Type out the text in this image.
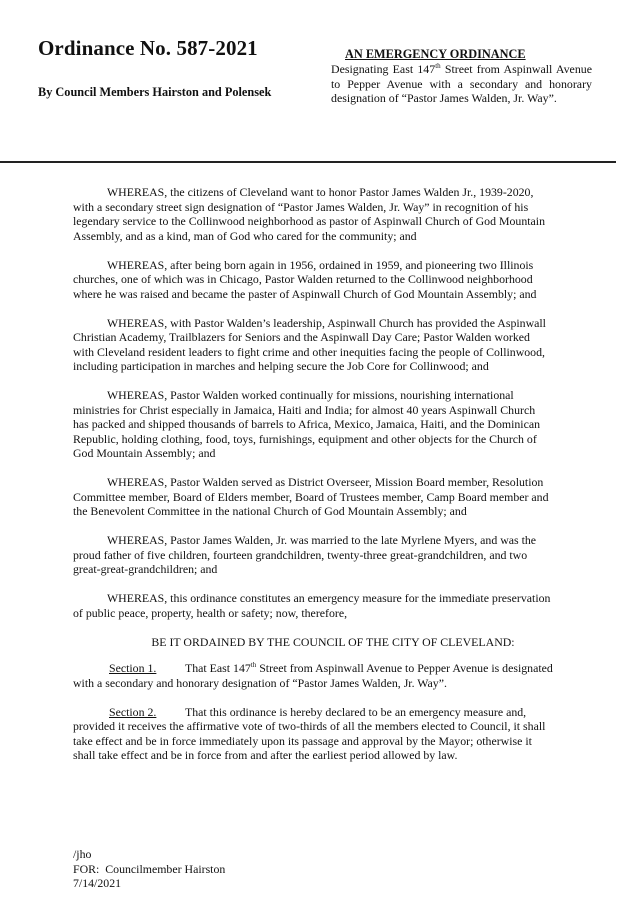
Ordinance No. 587-2021
By Council Members Hairston and Polensek
AN EMERGENCY ORDINANCE
Designating East 147th Street from Aspinwall Avenue to Pepper Avenue with a secondary and honorary designation of “Pastor James Walden, Jr. Way”.

WHEREAS, the citizens of Cleveland want to honor Pastor James Walden Jr., 1939-2020, with a secondary street sign designation of “Pastor James Walden, Jr. Way” in recognition of his legendary service to the Collinwood neighborhood as pastor of Aspinwall Church of God Mountain Assembly, and as a kind, man of God who cared for the community; and

WHEREAS, after being born again in 1956, ordained in 1959, and pioneering two Illinois churches, one of which was in Chicago, Pastor Walden returned to the Collinwood neighborhood where he was raised and became the paster of Aspinwall Church of God Mountain Assembly; and

WHEREAS, with Pastor Walden’s leadership, Aspinwall Church has provided the Aspinwall Christian Academy, Trailblazers for Seniors and the Aspinwall Day Care; Pastor Walden worked with Cleveland resident leaders to fight crime and other inequities facing the people of Collinwood, including participation in marches and helping secure the Job Core for Collinwood; and

WHEREAS, Pastor Walden worked continually for missions, nourishing international ministries for Christ especially in Jamaica, Haiti and India; for almost 40 years Aspinwall Church has packed and shipped thousands of barrels to Africa, Mexico, Jamaica, Haiti, and the Dominican Republic, holding clothing, food, toys, furnishings, equipment and other objects for the Church of God Mountain Assembly; and

WHEREAS, Pastor Walden served as District Overseer, Mission Board member, Resolution Committee member, Board of Elders member, Board of Trustees member, Camp Board member and the Benevolent Committee in the national Church of God Mountain Assembly; and

WHEREAS, Pastor James Walden, Jr. was married to the late Myrlene Myers, and was the proud father of five children, fourteen grandchildren, twenty-three great-grandchildren, and two great-great-grandchildren; and

WHEREAS, this ordinance constitutes an emergency measure for the immediate preservation of public peace, property, health or safety; now, therefore,

BE IT ORDAINED BY THE COUNCIL OF THE CITY OF CLEVELAND:

Section 1. That East 147th Street from Aspinwall Avenue to Pepper Avenue is designated with a secondary and honorary designation of “Pastor James Walden, Jr. Way”.

Section 2. That this ordinance is hereby declared to be an emergency measure and, provided it receives the affirmative vote of two-thirds of all the members elected to Council, it shall take effect and be in force immediately upon its passage and approval by the Mayor; otherwise it shall take effect and be in force from and after the earliest period allowed by law.

/jho
FOR:  Councilmember Hairston
7/14/2021
